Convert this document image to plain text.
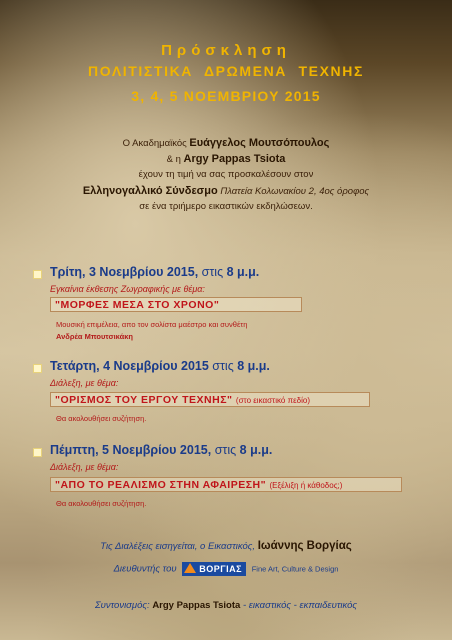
Πρόσκληση
ΠΟΛΙΤΙΣΤΙΚΑ ΔΡΩΜΕΝΑ ΤΕΧΝΗΣ
3, 4, 5 ΝΟΕΜΒΡΙΟΥ 2015
Ο Ακαδημαϊκός Ευάγγελος Μουτσόπουλος
& η Argy Pappas Tsiota
έχουν τη τιμή να σας προσκαλέσουν στον
Ελληνογαλλικό Σύνδεσμο Πλατεία Κολωνακίου 2, 4ος όροφος
σε ένα τριήμερο εικαστικών εκδηλώσεων.
Τρίτη, 3 Νοεμβρίου 2015, στις 8 μ.μ.
Εγκαίνια έκθεσης Ζωγραφικής με θέμα:
"ΜΟΡΦΕΣ ΜΕΣΑ ΣΤΟ ΧΡΟΝΟ"
Μουσική επιμέλεια, απο τον σολίστα μαέστρο και συνθέτη
Ανδρέα Μπουτσικάκη
Τετάρτη, 4 Νοεμβρίου 2015 στις 8 μ.μ.
Διάλεξη, με θέμα:
"ΟΡΙΣΜΟΣ ΤΟΥ ΕΡΓΟΥ ΤΕΧΝΗΣ" (στο εικαστικό πεδίο)
Θα ακολουθήσει συζήτηση.
Πέμπτη, 5 Νοεμβρίου 2015, στις 8 μ.μ.
Διάλεξη, με θέμα:
"ΑΠΟ ΤΟ ΡΕΑΛΙΣΜΟ ΣΤΗΝ ΑΦΑΙΡΕΣΗ" (Εξέλιξη ή κάθοδος;)
Θα ακολουθήσει συζήτηση.
Τις Διαλέξεις εισηγείται, ο Εικαστικός, Ιωάννης Βοργίας
Διευθυντής του	ΒΟΡΓΙΑΣ Fine Art, Culture & Design
Συντονισμός: Argy Pappas Tsiota - εικαστικός - εκπαιδευτικός
